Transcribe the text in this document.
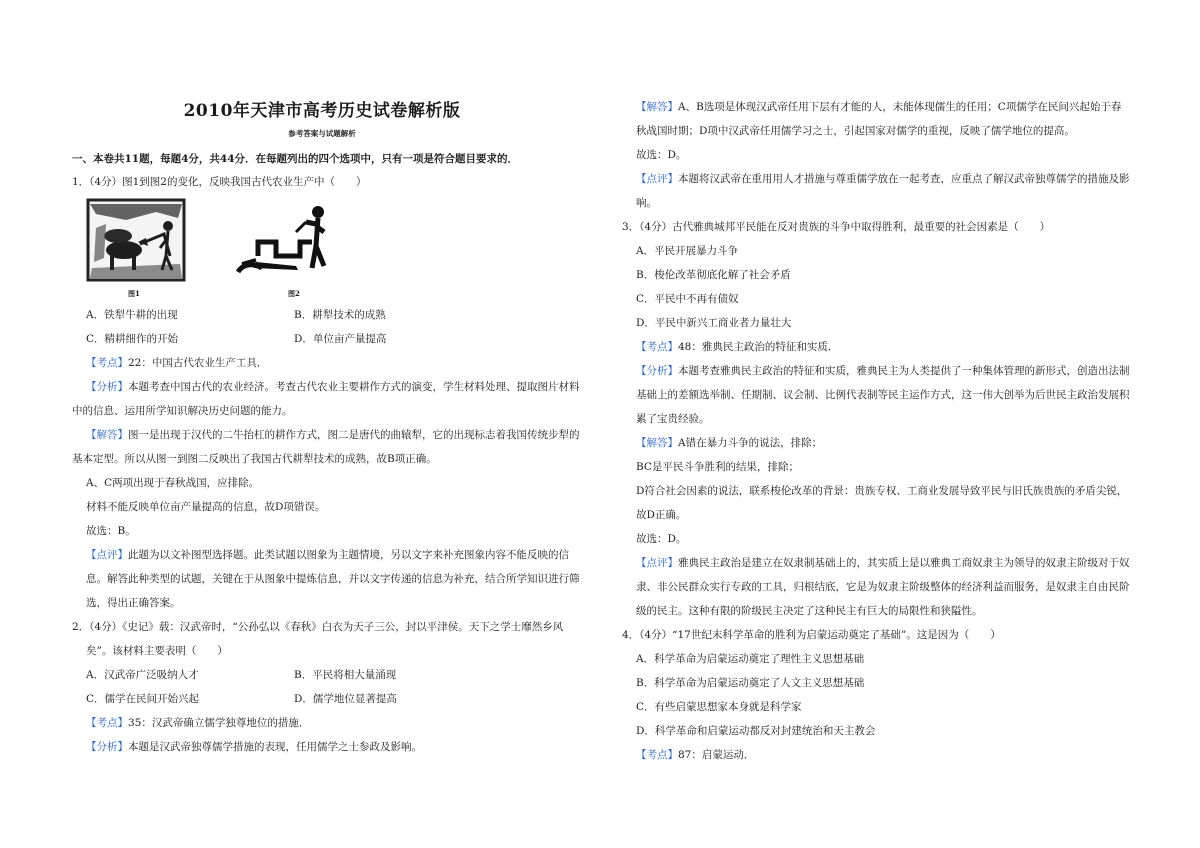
2010年天津市高考历史试卷解析版
参考答案与试题解析
一、本卷共11题，每题4分，共44分．在每题列出的四个选项中，只有一项是符合题目要求的．
1．（4分）图1到图2的变化，反映我国古代农业生产中（　　）
图1	图2
A．铁犁牛耕的出现	B．耕犁技术的成熟
C．精耕细作的开始	D．单位亩产量提高
【考点】22：中国古代农业生产工具．
【分析】本题考查中国古代的农业经济。考查古代农业主要耕作方式的演变，学生材料处理、提取图片材料
中的信息、运用所学知识解决历史问题的能力。
【解答】图一是出现于汉代的二牛抬杠的耕作方式，图二是唐代的曲辕犁，它的出现标志着我国传统步犁的
基本定型。所以从图一到图二反映出了我国古代耕犁技术的成熟，故B项正确。
A、C两项出现于春秋战国，应排除。
材料不能反映单位亩产量提高的信息，故D项错误。
故选：B。
【点评】此题为以文补图型选择题。此类试题以图象为主题情境，另以文字来补充图象内容不能反映的信
息。解答此种类型的试题，关键在于从图象中提炼信息，并以文字传递的信息为补充，结合所学知识进行筛
选，得出正确答案。
2．（4分）《史记》载：汉武帝时，“公孙弘以《春秋》白衣为天子三公，封以平津侯。天下之学士靡然乡风
矣”。该材料主要表明（　　）
A．汉武帝广泛吸纳人才	B．平民将相大量涌现
C．儒学在民间开始兴起	D．儒学地位显著提高
【考点】35：汉武帝确立儒学独尊地位的措施．
【分析】本题是汉武帝独尊儒学措施的表现，任用儒学之士参政及影响。
【解答】A、B选项是体现汉武帝任用下层有才能的人，未能体现儒生的任用；C项儒学在民间兴起始于春
秋战国时期；D项中汉武帝任用儒学习之士，引起国家对儒学的重视，反映了儒学地位的提高。
故选：D。
【点评】本题将汉武帝在重用用人才措施与尊重儒学放在一起考查，应重点了解汉武帝独尊儒学的措施及影
响。
3．（4分）古代雅典城邦平民能在反对贵族的斗争中取得胜利，最重要的社会因素是（　　）
A．平民开展暴力斗争
B．梭伦改革彻底化解了社会矛盾
C．平民中不再有债奴
D．平民中新兴工商业者力量壮大
【考点】48：雅典民主政治的特征和实质．
【分析】本题考查雅典民主政治的特征和实质，雅典民主为人类提供了一种集体管理的新形式，创造出法制
基础上的差额选举制、任期制、议会制、比例代表制等民主运作方式，这一伟大创举为后世民主政治发展积
累了宝贵经验。
【解答】A错在暴力斗争的说法，排除；
BC是平民斗争胜利的结果，排除；
D符合社会因素的说法，联系梭伦改革的背景：贵族专权、工商业发展导致平民与旧氏族贵族的矛盾尖锐，
故D正确。
故选：D。
【点评】雅典民主政治是建立在奴隶制基础上的，其实质上是以雅典工商奴隶主为领导的奴隶主阶级对于奴
隶、非公民群众实行专政的工具，归根结底，它是为奴隶主阶级整体的经济利益而服务，是奴隶主自由民阶
级的民主。这种有限的阶级民主决定了这种民主有巨大的局限性和狭隘性。
4．（4分）“17世纪末科学革命的胜利为启蒙运动奠定了基础”。这是因为（　　）
A．科学革命为启蒙运动奠定了理性主义思想基础
B．科学革命为启蒙运动奠定了人文主义思想基础
C．有些启蒙思想家本身就是科学家
D．科学革命和启蒙运动都反对封建统治和天主教会
【考点】87：启蒙运动．
